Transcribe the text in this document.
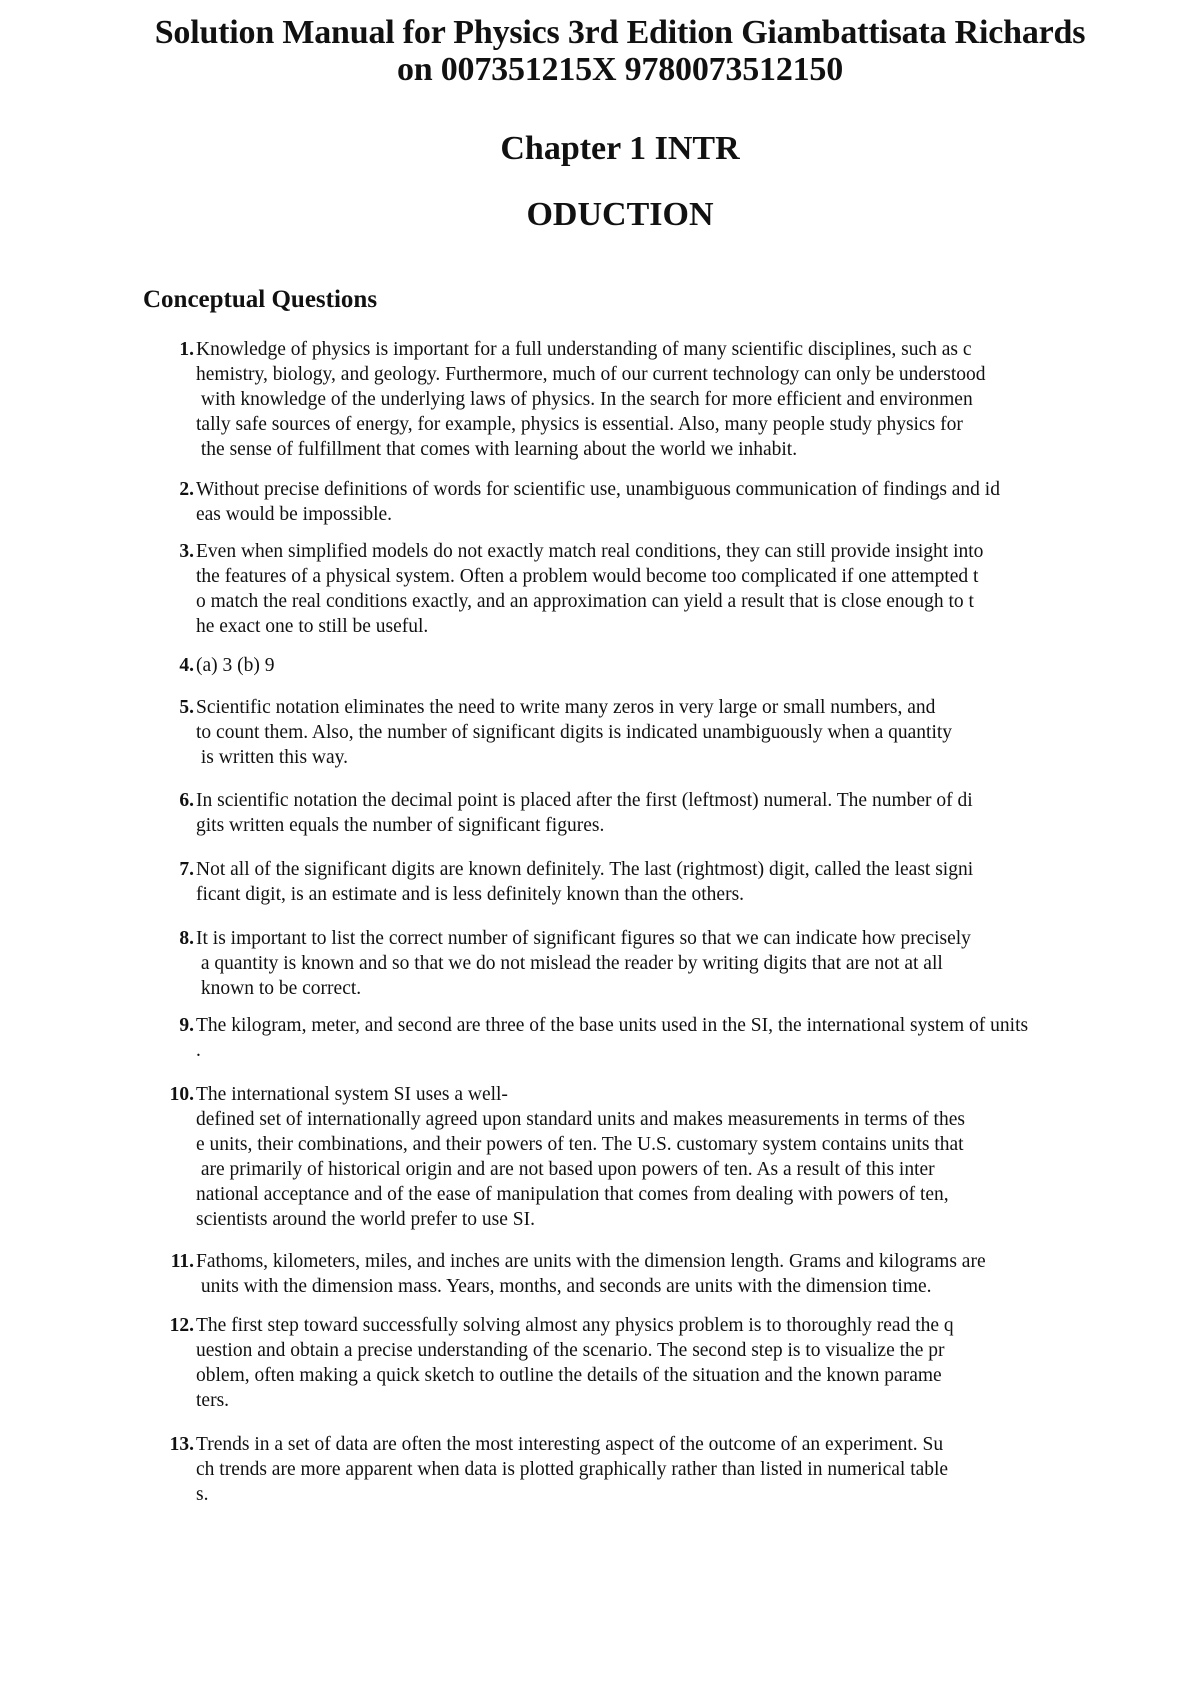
Solution Manual for Physics 3rd Edition Giambattisata Richards
on 007351215X 9780073512150
Chapter 1 INTR
ODUCTION
Conceptual Questions
1. Knowledge of physics is important for a full understanding of many scientific disciplines, such as c
hemistry, biology, and geology. Furthermore, much of our current technology can only be understood
with knowledge of the underlying laws of physics. In the search for more efficient and environmen
tally safe sources of energy, for example, physics is essential. Also, many people study physics for
the sense of fulfillment that comes with learning about the world we inhabit.
2. Without precise definitions of words for scientific use, unambiguous communication of findings and id
eas would be impossible.
3. Even when simplified models do not exactly match real conditions, they can still provide insight into
the features of a physical system. Often a problem would become too complicated if one attempted t
o match the real conditions exactly, and an approximation can yield a result that is close enough to t
he exact one to still be useful.
4. (a) 3 (b) 9
5. Scientific notation eliminates the need to write many zeros in very large or small numbers, and
to count them. Also, the number of significant digits is indicated unambiguously when a quantity
is written this way.
6. In scientific notation the decimal point is placed after the first (leftmost) numeral. The number of di
gits written equals the number of significant figures.
7. Not all of the significant digits are known definitely. The last (rightmost) digit, called the least signi
ficant digit, is an estimate and is less definitely known than the others.
8. It is important to list the correct number of significant figures so that we can indicate how precisely
a quantity is known and so that we do not mislead the reader by writing digits that are not at all
known to be correct.
9. The kilogram, meter, and second are three of the base units used in the SI, the international system of units
.
10. The international system SI uses a well-
defined set of internationally agreed upon standard units and makes measurements in terms of thes
e units, their combinations, and their powers of ten. The U.S. customary system contains units that
are primarily of historical origin and are not based upon powers of ten. As a result of this inter
national acceptance and of the ease of manipulation that comes from dealing with powers of ten,
scientists around the world prefer to use SI.
11. Fathoms, kilometers, miles, and inches are units with the dimension length. Grams and kilograms are
units with the dimension mass. Years, months, and seconds are units with the dimension time.
12. The first step toward successfully solving almost any physics problem is to thoroughly read the q
uestion and obtain a precise understanding of the scenario. The second step is to visualize the pr
oblem, often making a quick sketch to outline the details of the situation and the known parame
ters.
13. Trends in a set of data are often the most interesting aspect of the outcome of an experiment. Su
ch trends are more apparent when data is plotted graphically rather than listed in numerical table
s.
